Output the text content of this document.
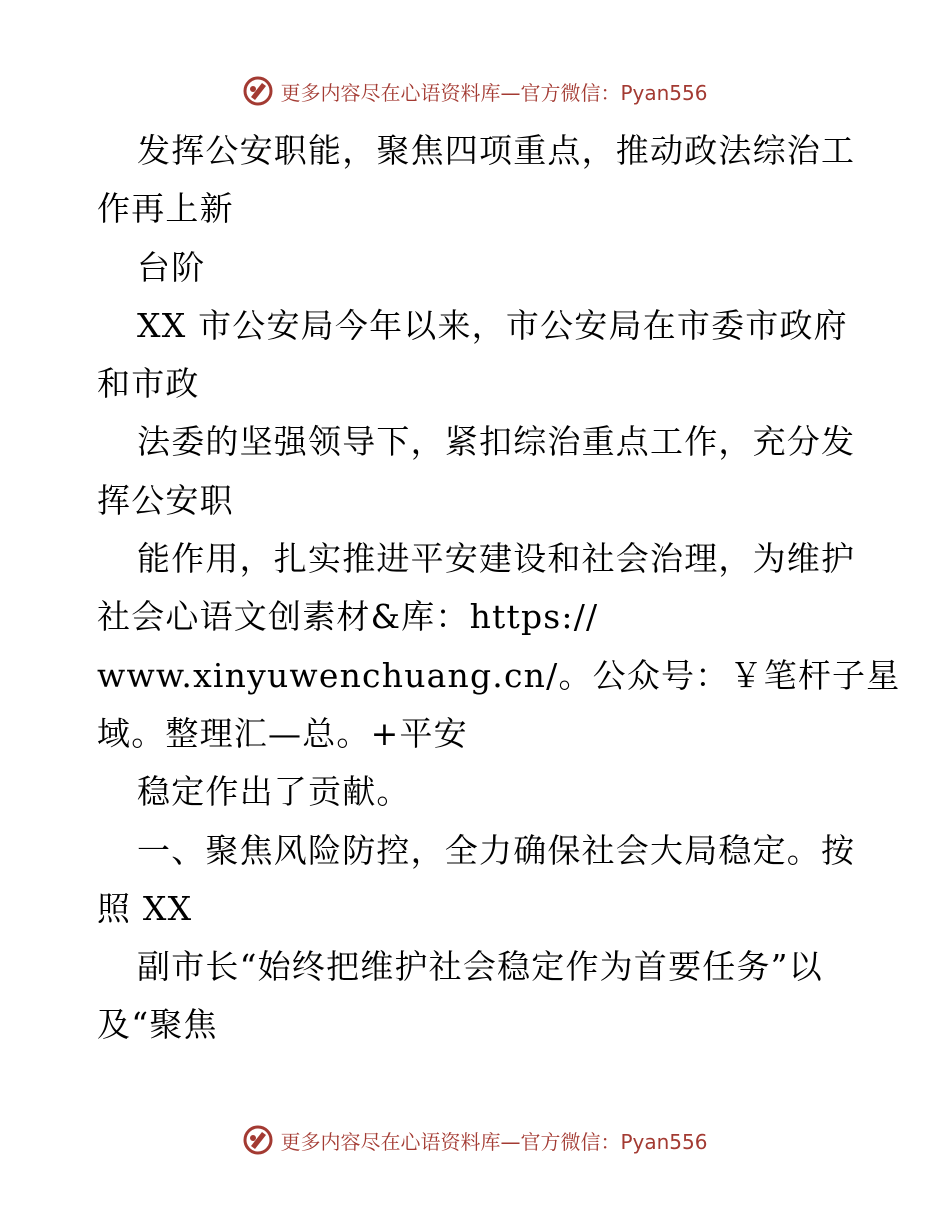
更多内容尽在心语资料库—官方微信：Pyan556
发挥公安职能，聚焦四项重点，推动政法综治工
作再上新
台阶
XX 市公安局今年以来，市公安局在市委市政府
和市政
法委的坚强领导下，紧扣综治重点工作，充分发
挥公安职
能作用，扎实推进平安建设和社会治理，为维护
社会心语文创素材&库：https://
www.xinyuwenchuang.cn/。公众号：￥笔杆子星
域。整理汇—总。+平安
稳定作出了贡献。
一、聚焦风险防控，全力确保社会大局稳定。按
照 XX
副市长“始终把维护社会稳定作为首要任务”以
及“聚焦
更多内容尽在心语资料库—官方微信：Pyan556
